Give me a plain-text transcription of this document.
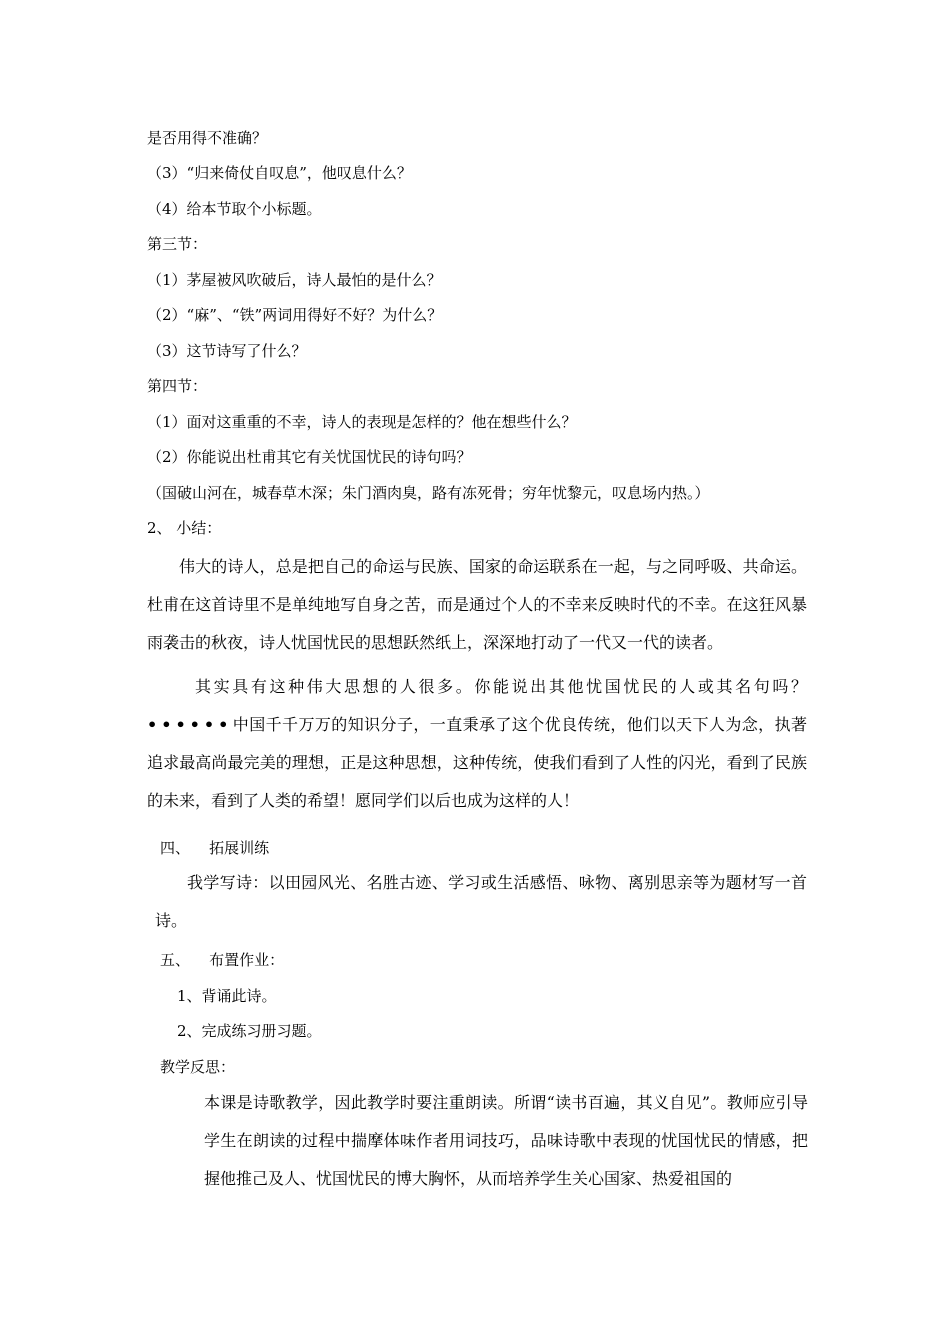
是否用得不准确？
（3）“归来倚仗自叹息”，他叹息什么？
（4）给本节取个小标题。
第三节：
（1）茅屋被风吹破后，诗人最怕的是什么？
（2）“麻”、“铁”两词用得好不好？为什么？
（3）这节诗写了什么？
第四节：
（1）面对这重重的不幸，诗人的表现是怎样的？他在想些什么？
（2）你能说出杜甫其它有关忧国忧民的诗句吗？
（国破山河在，城春草木深；朱门酒肉臭，路有冻死骨；穷年忧黎元，叹息场内热。）
2、 小结：
伟大的诗人，总是把自己的命运与民族、国家的命运联系在一起，与之同呼吸、共命运。杜甫在这首诗里不是单纯地写自身之苦，而是通过个人的不幸来反映时代的不幸。在这狂风暴雨袭击的秋夜，诗人忧国忧民的思想跃然纸上，深深地打动了一代又一代的读者。
其实具有这种伟大思想的人很多。你能说出其他忧国忧民的人或其名句吗？••••••中国千千万万的知识分子，一直秉承了这个优良传统，他们以天下人为念，执著追求最高尚最完美的理想，正是这种思想，这种传统，使我们看到了人性的闪光，看到了民族的未来，看到了人类的希望！愿同学们以后也成为这样的人！
四、    拓展训练
我学写诗：以田园风光、名胜古迹、学习或生活感悟、咏物、离别思亲等为题材写一首诗。
五、    布置作业：
1、背诵此诗。
2、完成练习册习题。
教学反思：
本课是诗歌教学，因此教学时要注重朗读。所谓“读书百遍，其义自见”。教师应引导学生在朗读的过程中揣摩体味作者用词技巧，品味诗歌中表现的忧国忧民的情感，把握他推己及人、忧国忧民的博大胸怀，从而培养学生关心国家、热爱祖国的
